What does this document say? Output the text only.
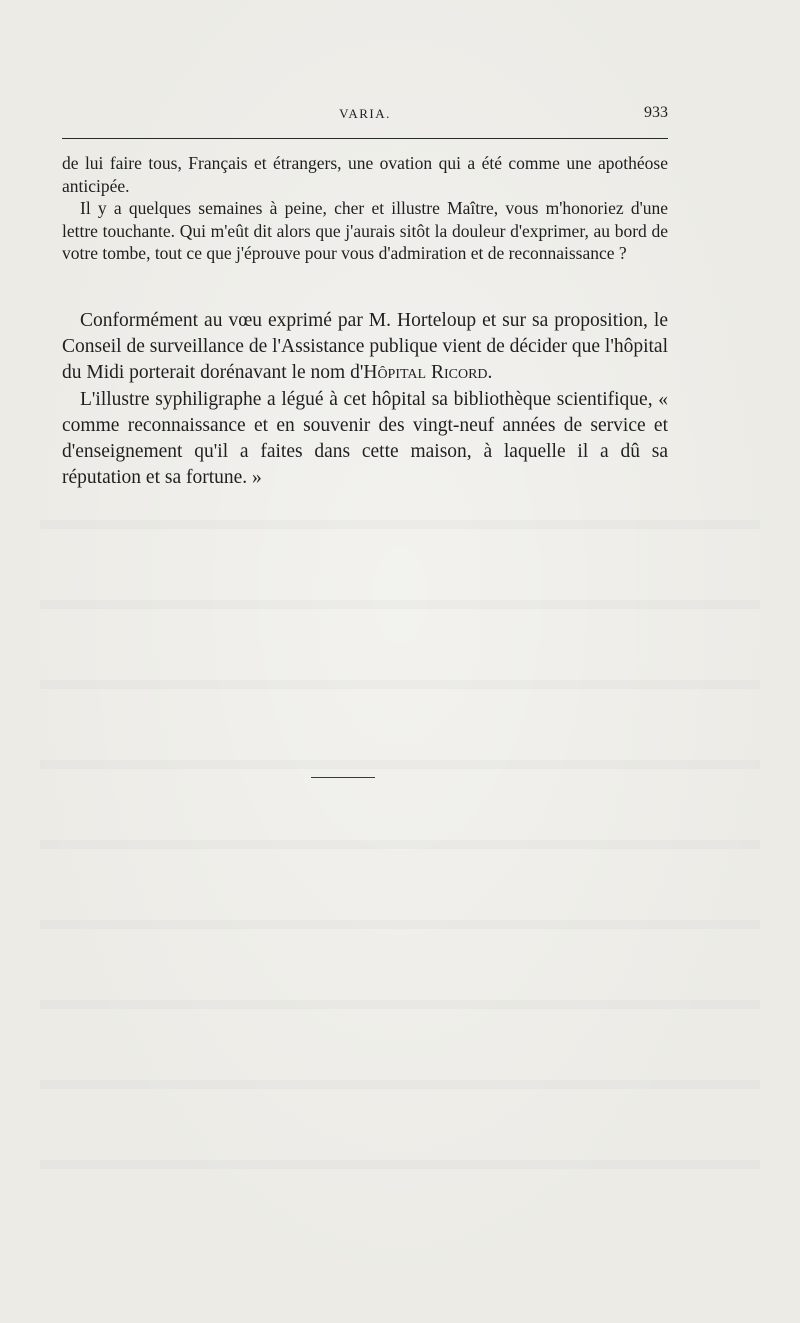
VARIA.	933

de lui faire tous, Français et étrangers, une ovation qui a été comme une apothéose anticipée.

Il y a quelques semaines à peine, cher et illustre Maître, vous m'honoriez d'une lettre touchante. Qui m'eût dit alors que j'aurais sitôt la douleur d'exprimer, au bord de votre tombe, tout ce que j'éprouve pour vous d'admiration et de reconnaissance ?

Conformément au vœu exprimé par M. Horteloup et sur sa proposition, le Conseil de surveillance de l'Assistance publique vient de décider que l'hôpital du Midi porterait dorénavant le nom d'Hôpital Ricord.

L'illustre syphiligraphe a légué à cet hôpital sa bibliothèque scientifique, « comme reconnaissance et en souvenir des vingt-neuf années de service et d'enseignement qu'il a faites dans cette maison, à laquelle il a dû sa réputation et sa fortune. »
